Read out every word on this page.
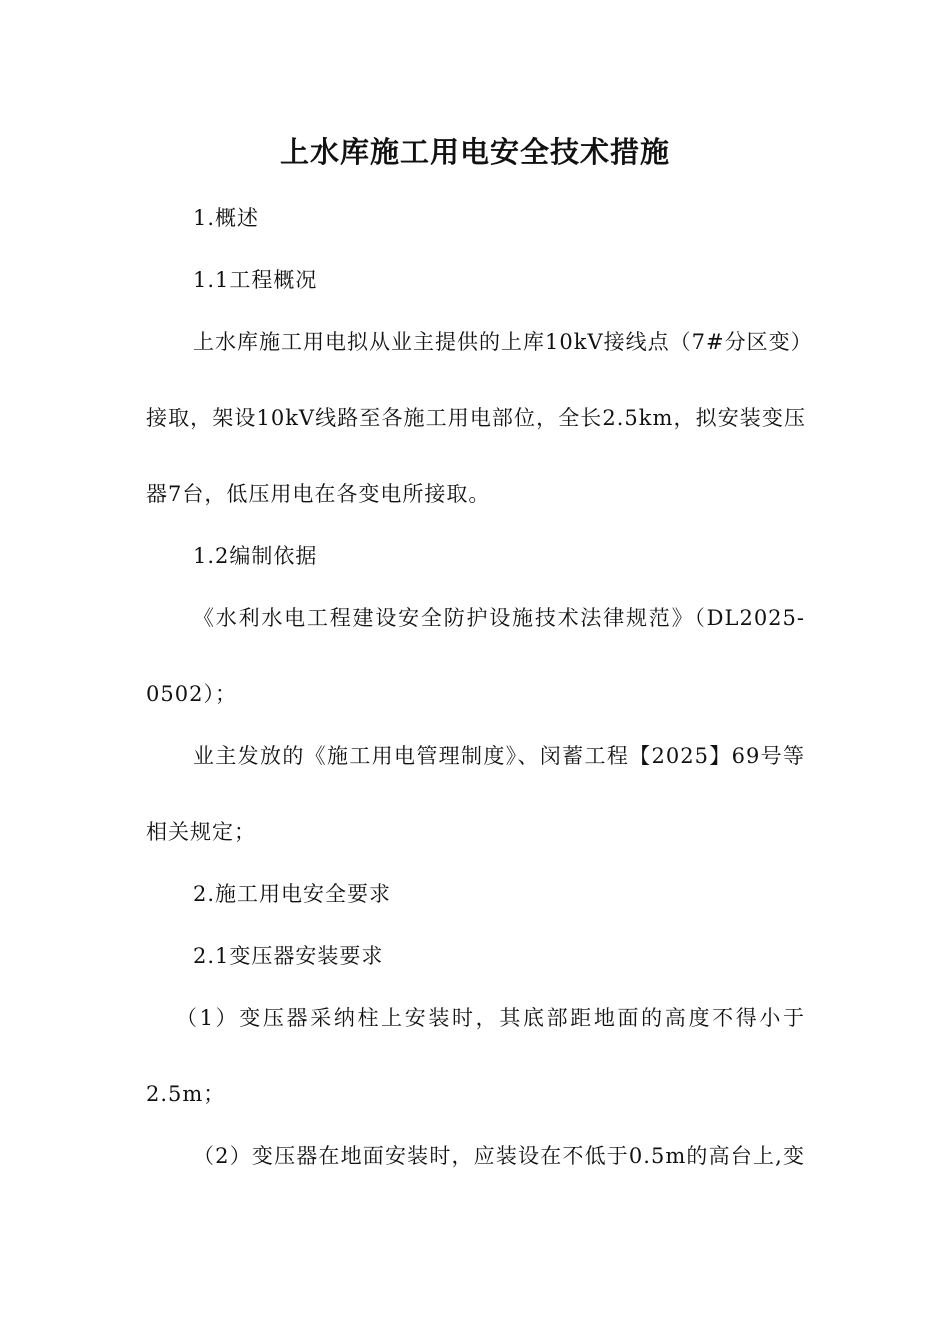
上水库施工用电安全技术措施
1.概述
1.1工程概况
上水库施工用电拟从业主提供的上库10kV接线点（7#分区变）
接取，架设10kV线路至各施工用电部位，全长2.5km，拟安装变压
器7台，低压用电在各变电所接取。
1.2编制依据
《水利水电工程建设安全防护设施技术法律规范》（DL2025-
0502）；
业主发放的《施工用电管理制度》、闵蓄工程【2025】69号等
相关规定；
2.施工用电安全要求
2.1变压器安装要求
（1）变压器采纳柱上安装时，其底部距地面的高度不得小于
2.5m；
（2）变压器在地面安装时，应装设在不低于0.5m的高台上,变
